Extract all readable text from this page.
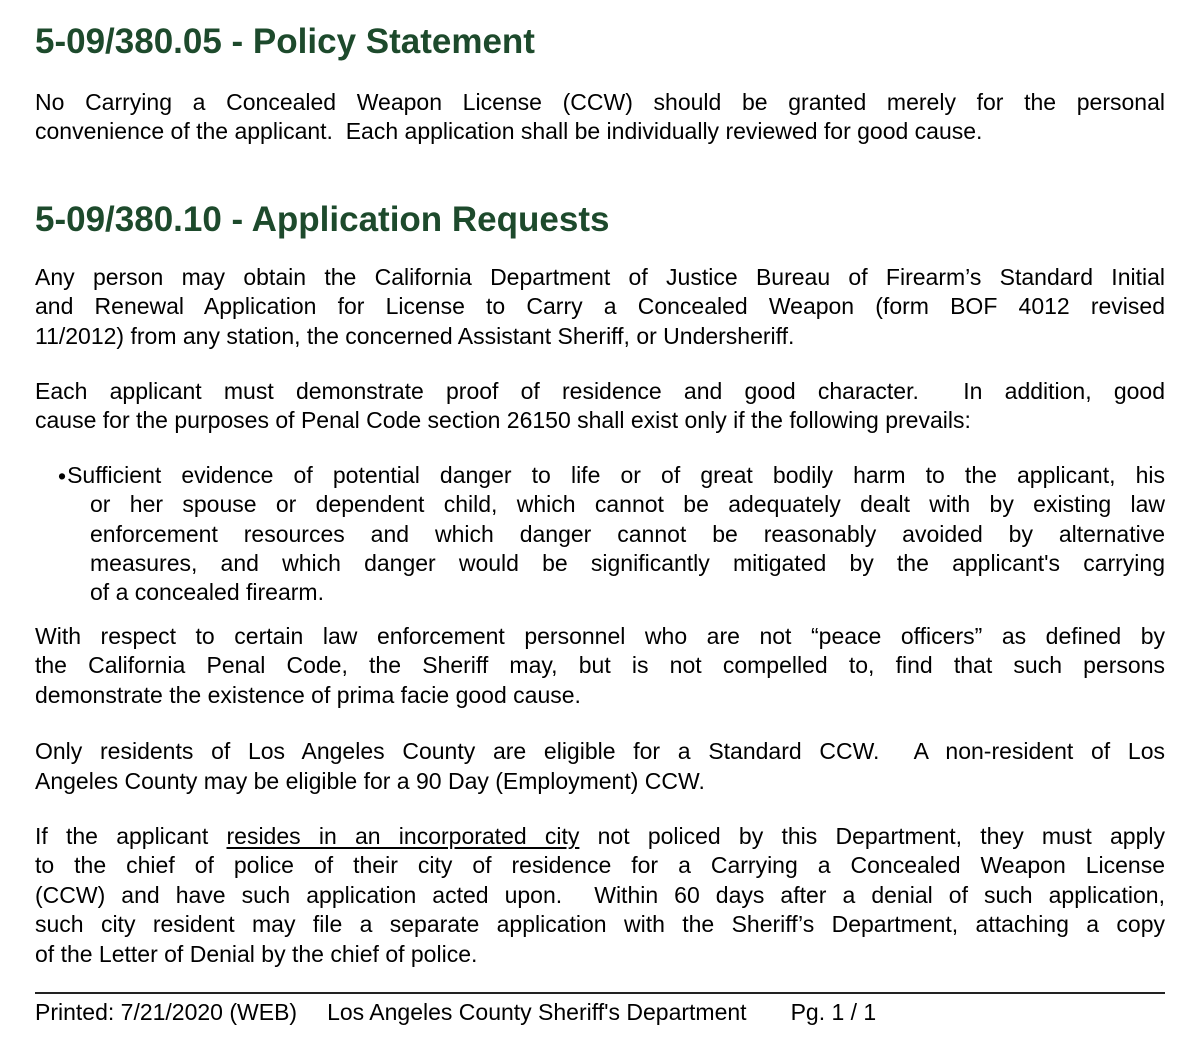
5-09/380.05 - Policy Statement
No Carrying a Concealed Weapon License (CCW) should be granted merely for the personal
convenience of the applicant.  Each application shall be individually reviewed for good cause.
5-09/380.10 - Application Requests
Any person may obtain the California Department of Justice Bureau of Firearm’s Standard Initial
and Renewal Application for License to Carry a Concealed Weapon (form BOF 4012 revised
11/2012) from any station, the concerned Assistant Sheriff, or Undersheriff.
Each applicant must demonstrate proof of residence and good character.  In addition, good
cause for the purposes of Penal Code section 26150 shall exist only if the following prevails:
•Sufficient evidence of potential danger to life or of great bodily harm to the applicant, his
or her spouse or dependent child, which cannot be adequately dealt with by existing law
enforcement resources and which danger cannot be reasonably avoided by alternative
measures, and which danger would be significantly mitigated by the applicant's carrying
of a concealed firearm.
With respect to certain law enforcement personnel who are not “peace officers” as defined by
the California Penal Code, the Sheriff may, but is not compelled to, find that such persons
demonstrate the existence of prima facie good cause.
Only residents of Los Angeles County are eligible for a Standard CCW.  A non-resident of Los
Angeles County may be eligible for a 90 Day (Employment) CCW.
If the applicant resides in an incorporated city not policed by this Department, they must apply
to the chief of police of their city of residence for a Carrying a Concealed Weapon License
(CCW) and have such application acted upon.  Within 60 days after a denial of such application,
such city resident may file a separate application with the Sheriff’s Department, attaching a copy
of the Letter of Denial by the chief of police.
Printed: 7/21/2020 (WEB) Los Angeles County Sheriff's Department Pg. 1 / 1
